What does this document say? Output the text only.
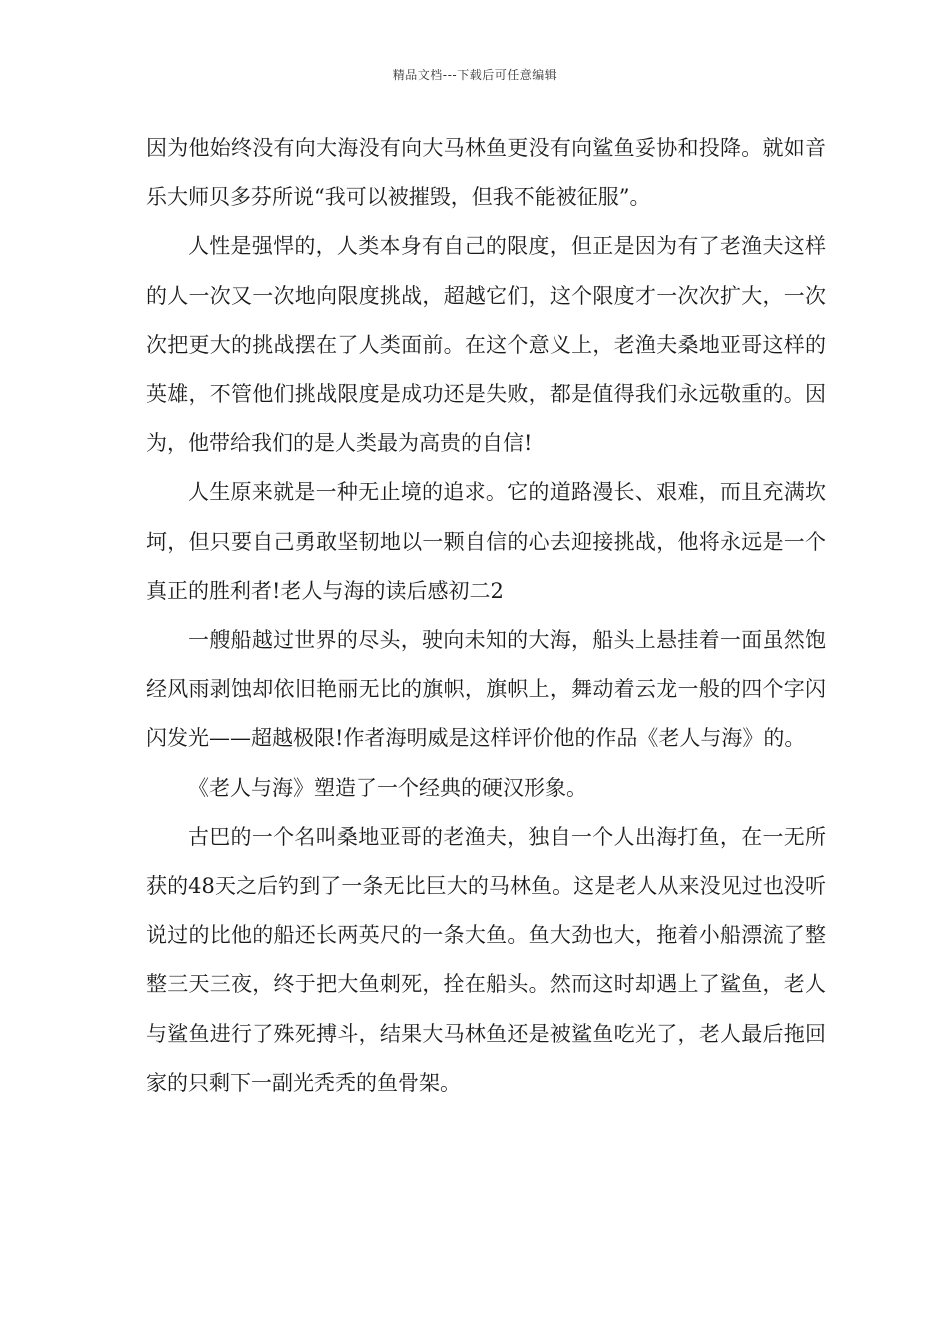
精品文档---下载后可任意编辑

因为他始终没有向大海没有向大马林鱼更没有向鲨鱼妥协和投降。就如音乐大师贝多芬所说“我可以被摧毁，但我不能被征服”。

人性是强悍的，人类本身有自己的限度，但正是因为有了老渔夫这样的人一次又一次地向限度挑战，超越它们，这个限度才一次次扩大，一次次把更大的挑战摆在了人类面前。在这个意义上，老渔夫桑地亚哥这样的英雄，不管他们挑战限度是成功还是失败，都是值得我们永远敬重的。因为，他带给我们的是人类最为高贵的自信!

人生原来就是一种无止境的追求。它的道路漫长、艰难，而且充满坎坷，但只要自己勇敢坚韧地以一颗自信的心去迎接挑战，他将永远是一个真正的胜利者!老人与海的读后感初二2

一艘船越过世界的尽头，驶向未知的大海，船头上悬挂着一面虽然饱经风雨剥蚀却依旧艳丽无比的旗帜，旗帜上，舞动着云龙一般的四个字闪闪发光——超越极限!作者海明威是这样评价他的作品《老人与海》的。

《老人与海》塑造了一个经典的硬汉形象。

古巴的一个名叫桑地亚哥的老渔夫，独自一个人出海打鱼，在一无所获的48天之后钓到了一条无比巨大的马林鱼。这是老人从来没见过也没听说过的比他的船还长两英尺的一条大鱼。鱼大劲也大，拖着小船漂流了整整三天三夜，终于把大鱼刺死，拴在船头。然而这时却遇上了鲨鱼，老人与鲨鱼进行了殊死搏斗，结果大马林鱼还是被鲨鱼吃光了，老人最后拖回家的只剩下一副光秃秃的鱼骨架。
